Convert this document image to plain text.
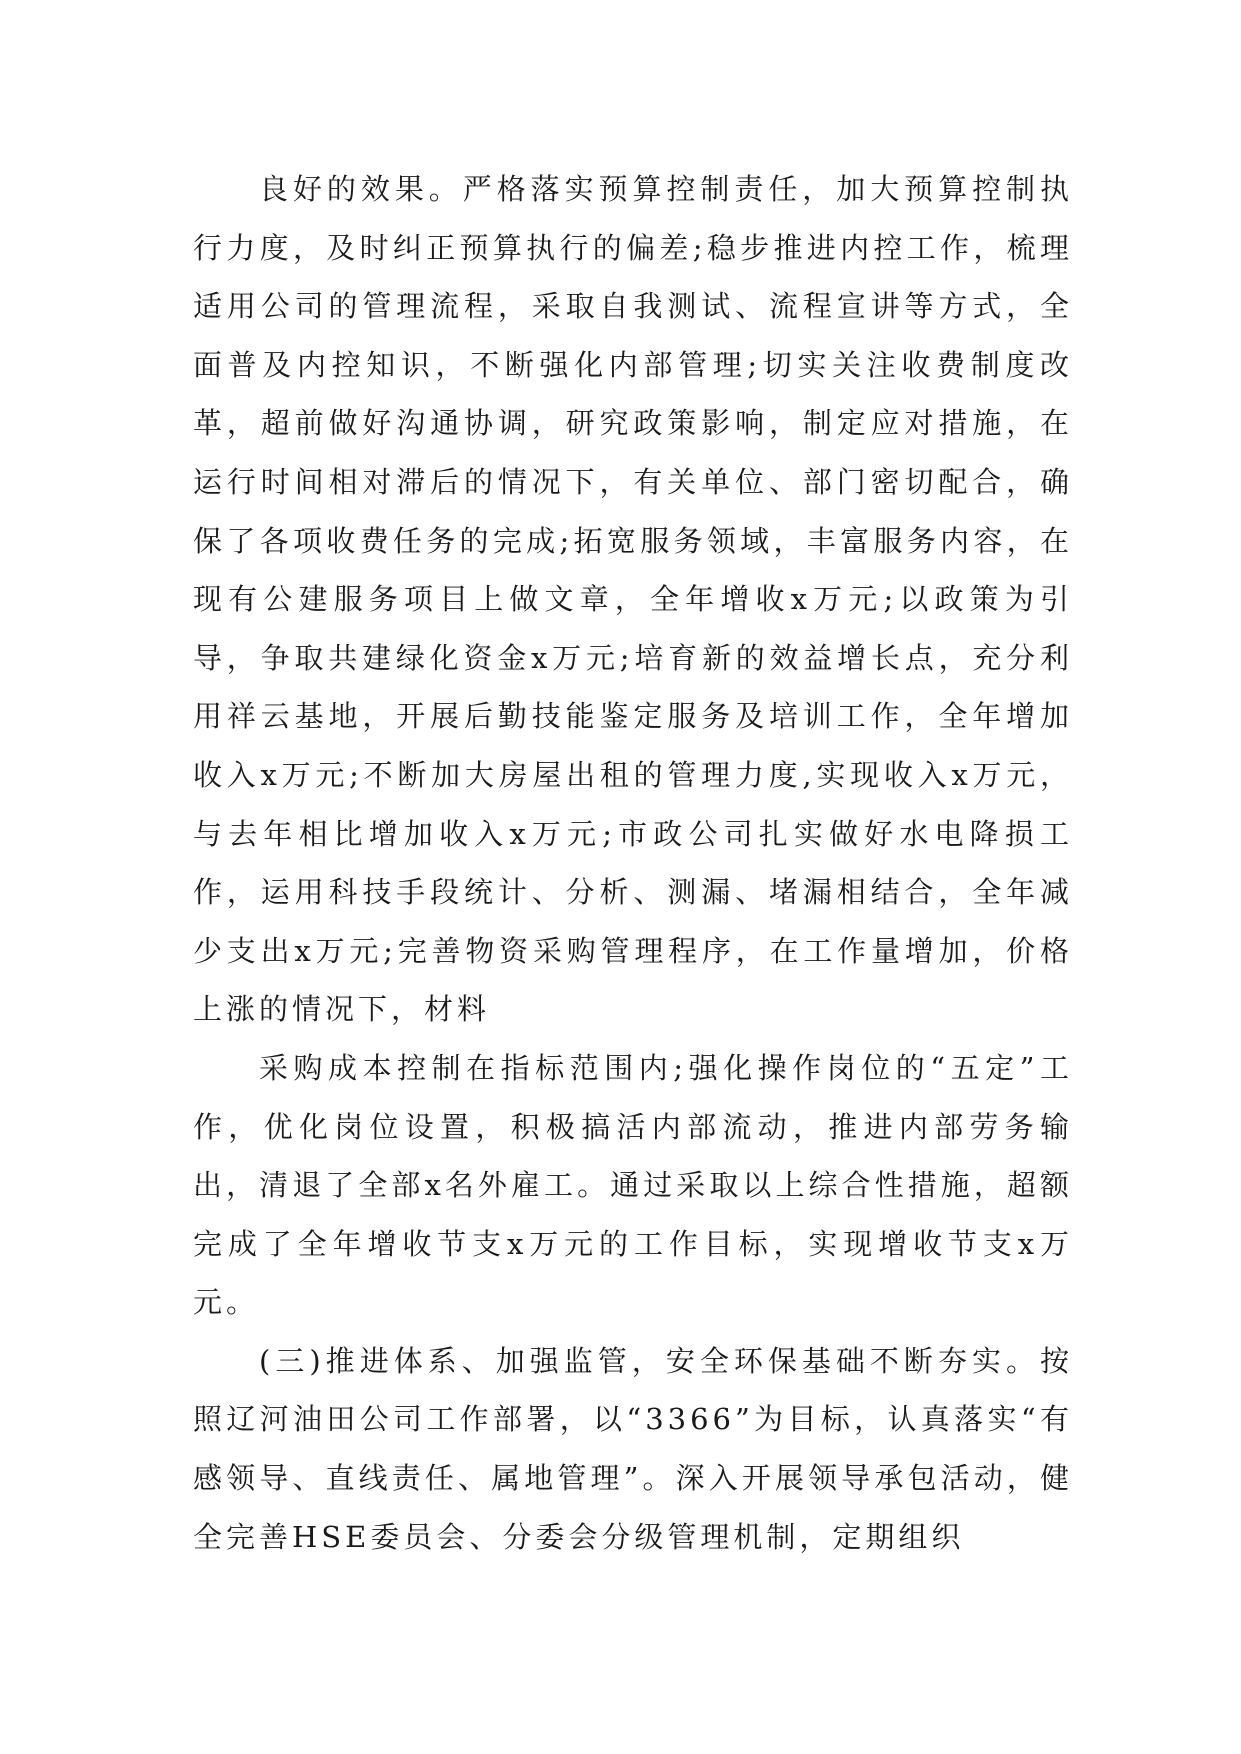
良好的效果。严格落实预算控制责任，加大预算控制执行力度，及时纠正预算执行的偏差;稳步推进内控工作，梳理适用公司的管理流程，采取自我测试、流程宣讲等方式，全面普及内控知识，不断强化内部管理;切实关注收费制度改革，超前做好沟通协调，研究政策影响，制定应对措施，在运行时间相对滞后的情况下，有关单位、部门密切配合，确保了各项收费任务的完成;拓宽服务领域，丰富服务内容，在现有公建服务项目上做文章，全年增收x万元;以政策为引导，争取共建绿化资金x万元;培育新的效益增长点，充分利用祥云基地，开展后勤技能鉴定服务及培训工作，全年增加收入x万元;不断加大房屋出租的管理力度,实现收入x万元，与去年相比增加收入x万元;市政公司扎实做好水电降损工作，运用科技手段统计、分析、测漏、堵漏相结合，全年减少支出x万元;完善物资采购管理程序，在工作量增加，价格上涨的情况下，材料

采购成本控制在指标范围内;强化操作岗位的“五定”工作，优化岗位设置，积极搞活内部流动，推进内部劳务输出，清退了全部x名外雇工。通过采取以上综合性措施，超额完成了全年增收节支x万元的工作目标，实现增收节支x万元。

(三)推进体系、加强监管，安全环保基础不断夯实。按照辽河油田公司工作部署，以“3366”为目标，认真落实“有感领导、直线责任、属地管理”。深入开展领导承包活动，健全完善HSE委员会、分委会分级管理机制，定期组织
